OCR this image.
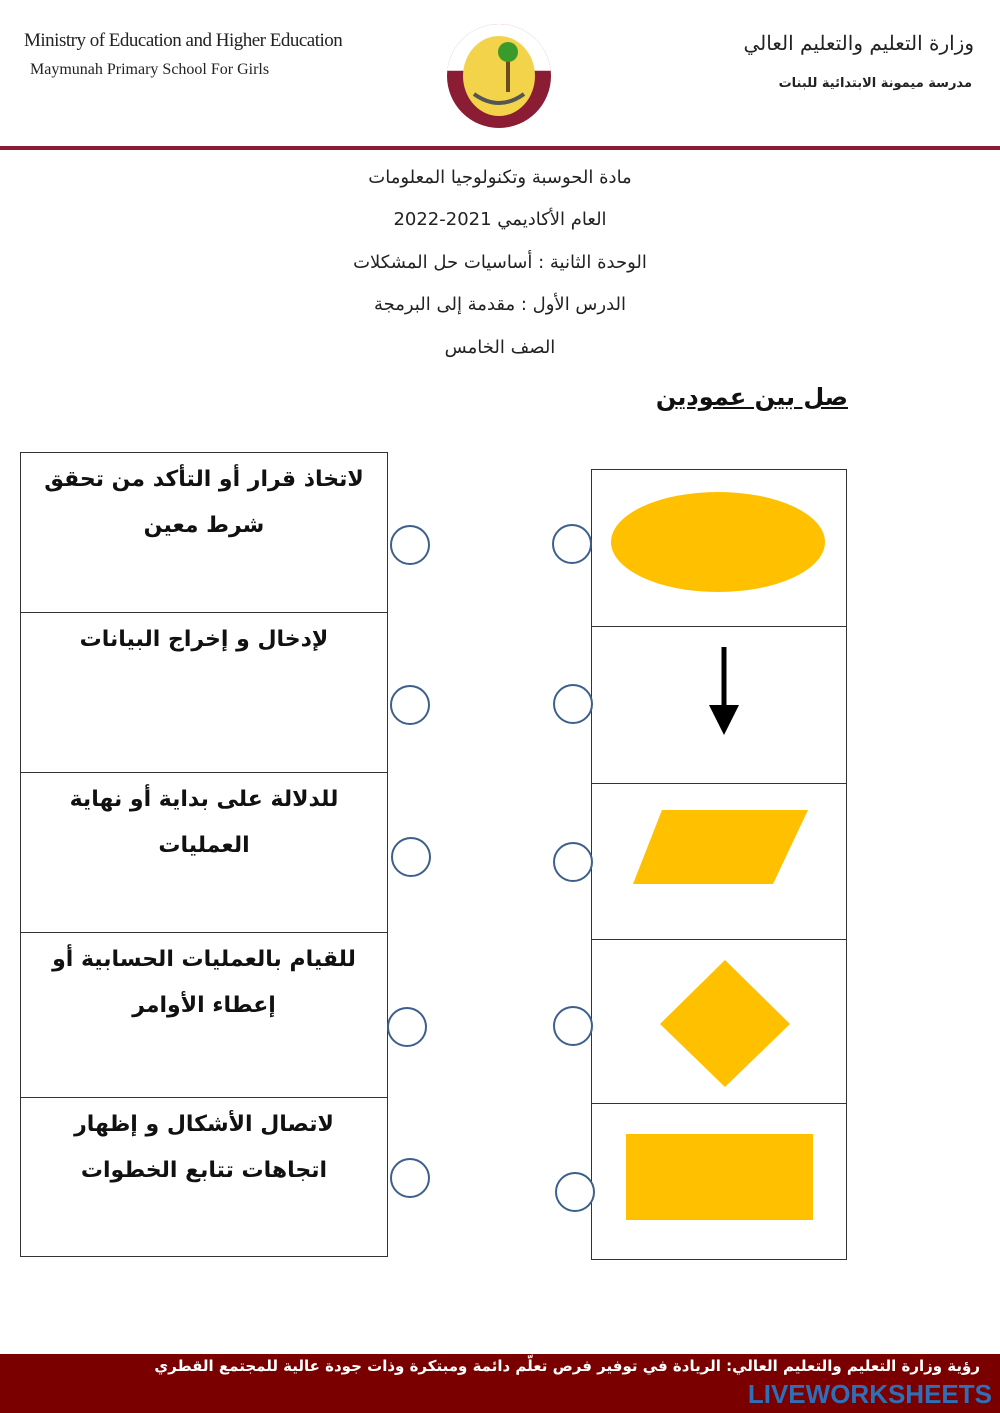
Ministry of Education and Higher Education
Maymunah Primary School For Girls
وزارة التعليم والتعليم العالي
مدرسة ميمونة الابتدائية للبنات
مادة الحوسبة وتكنولوجيا المعلومات
العام الأكاديمي 2021-2022
الوحدة الثانية : أساسيات حل المشكلات
الدرس الأول : مقدمة إلى البرمجة
الصف الخامس
صل بين عمودين
لاتخاذ قرار أو التأكد من تحقق شرط معين
لإدخال و إخراج البيانات
للدلالة على بداية أو نهاية العمليات
للقيام بالعمليات الحسابية أو إعطاء الأوامر
لاتصال الأشكال و إظهار اتجاهات تتابع الخطوات
رؤية وزارة التعليم والتعليم العالي: الريادة في توفير فرص تعلّم دائمة ومبتكرة وذات جودة عالية للمجتمع القطري
LIVEWORKSHEETS
